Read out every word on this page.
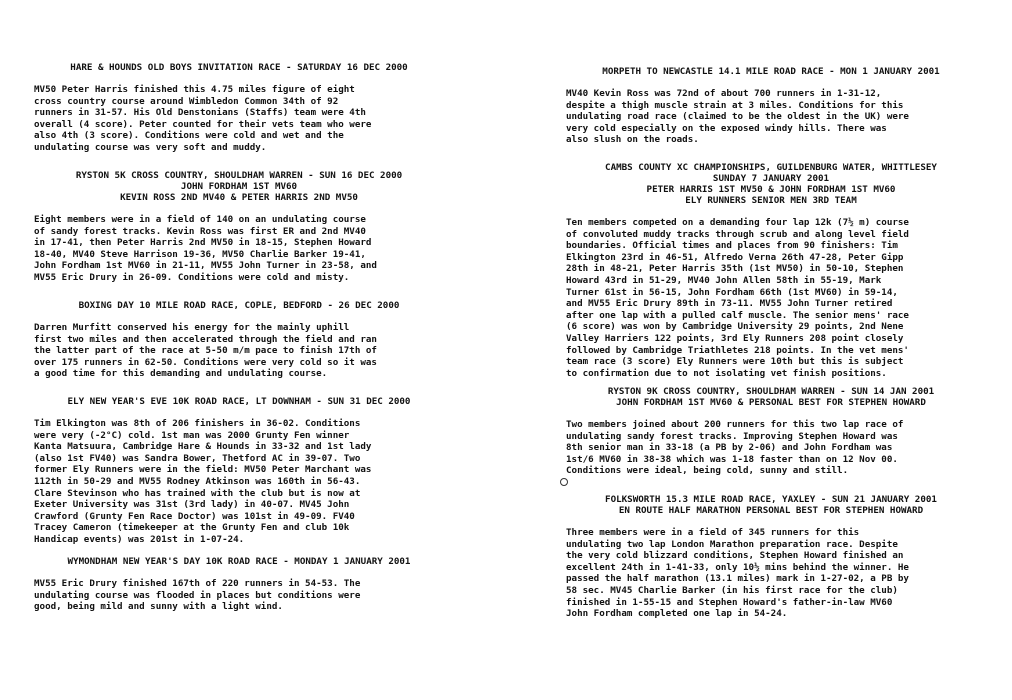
HARE & HOUNDS OLD BOYS INVITATION RACE - SATURDAY 16 DEC 2000

MV50 Peter Harris finished this 4.75 miles figure of eight
cross country course around Wimbledon Common 34th of 92
runners in 31-57. His Old Denstonians (Staffs) team were 4th
overall (4 score). Peter counted for their vets team who were
also 4th (3 score). Conditions were cold and wet and the
undulating course was very soft and muddy.

RYSTON 5K CROSS COUNTRY, SHOULDHAM WARREN - SUN 16 DEC 2000
JOHN FORDHAM 1ST MV60
KEVIN ROSS 2ND MV40 & PETER HARRIS 2ND MV50

Eight members were in a field of 140 on an undulating course
of sandy forest tracks. Kevin Ross was first ER and 2nd MV40
in 17-41, then Peter Harris 2nd MV50 in 18-15, Stephen Howard
18-40, MV40 Steve Harrison 19-36, MV50 Charlie Barker 19-41,
John Fordham 1st MV60 in 21-11, MV55 John Turner in 23-58, and
MV55 Eric Drury in 26-09. Conditions were cold and misty.

BOXING DAY 10 MILE ROAD RACE, COPLE, BEDFORD - 26 DEC 2000

Darren Murfitt conserved his energy for the mainly uphill
first two miles and then accelerated through the field and ran
the latter part of the race at 5-50 m/m pace to finish 17th of
over 175 runners in 62-50. Conditions were very cold so it was
a good time for this demanding and undulating course.

ELY NEW YEAR'S EVE 10K ROAD RACE, LT DOWNHAM - SUN 31 DEC 2000

Tim Elkington was 8th of 206 finishers in 36-02. Conditions
were very (-2°C) cold. 1st man was 2000 Grunty Fen winner
Kanta Matsuura, Cambridge Hare & Hounds in 33-32 and 1st lady
(also 1st FV40) was Sandra Bower, Thetford AC in 39-07. Two
former Ely Runners were in the field: MV50 Peter Marchant was
112th in 50-29 and MV55 Rodney Atkinson was 160th in 56-43.
Clare Stevinson who has trained with the club but is now at
Exeter University was 31st (3rd lady) in 40-07. MV45 John
Crawford (Grunty Fen Race Doctor) was 101st in 49-09. FV40
Tracey Cameron (timekeeper at the Grunty Fen and club 10k
Handicap events) was 201st in 1-07-24.

WYMONDHAM NEW YEAR'S DAY 10K ROAD RACE - MONDAY 1 JANUARY 2001

MV55 Eric Drury finished 167th of 220 runners in 54-53. The
undulating course was flooded in places but conditions were
good, being mild and sunny with a light wind.

MORPETH TO NEWCASTLE 14.1 MILE ROAD RACE - MON 1 JANUARY 2001

MV40 Kevin Ross was 72nd of about 700 runners in 1-31-12,
despite a thigh muscle strain at 3 miles. Conditions for this
undulating road race (claimed to be the oldest in the UK) were
very cold especially on the exposed windy hills. There was
also slush on the roads.

CAMBS COUNTY XC CHAMPIONSHIPS, GUILDENBURG WATER, WHITTLESEY
SUNDAY 7 JANUARY 2001
PETER HARRIS 1ST MV50 & JOHN FORDHAM 1ST MV60
ELY RUNNERS SENIOR MEN 3RD TEAM

Ten members competed on a demanding four lap 12k (7½ m) course
of convoluted muddy tracks through scrub and along level field
boundaries. Official times and places from 90 finishers: Tim
Elkington 23rd in 46-51, Alfredo Verna 26th 47-28, Peter Gipp
28th in 48-21, Peter Harris 35th (1st MV50) in 50-10, Stephen
Howard 43rd in 51-29, MV40 John Allen 58th in 55-19, Mark
Turner 61st in 56-15, John Fordham 66th (1st MV60) in 59-14,
and MV55 Eric Drury 89th in 73-11. MV55 John Turner retired
after one lap with a pulled calf muscle. The senior mens' race
(6 score) was won by Cambridge University 29 points, 2nd Nene
Valley Harriers 122 points, 3rd Ely Runners 208 point closely
followed by Cambridge Triathletes 218 points. In the vet mens'
team race (3 score) Ely Runners were 10th but this is subject
to confirmation due to not isolating vet finish positions.

RYSTON 9K CROSS COUNTRY, SHOULDHAM WARREN - SUN 14 JAN 2001
JOHN FORDHAM 1ST MV60 & PERSONAL BEST FOR STEPHEN HOWARD

Two members joined about 200 runners for this two lap race of
undulating sandy forest tracks. Improving Stephen Howard was
8th senior man in 33-18 (a PB by 2-06) and John Fordham was
1st/6 MV60 in 38-38 which was 1-18 faster than on 12 Nov 00.
Conditions were ideal, being cold, sunny and still.

FOLKSWORTH 15.3 MILE ROAD RACE, YAXLEY - SUN 21 JANUARY 2001
EN ROUTE HALF MARATHON PERSONAL BEST FOR STEPHEN HOWARD

Three members were in a field of 345 runners for this
undulating two lap London Marathon preparation race. Despite
the very cold blizzard conditions, Stephen Howard finished an
excellent 24th in 1-41-33, only 10½ mins behind the winner. He
passed the half marathon (13.1 miles) mark in 1-27-02, a PB by
58 sec. MV45 Charlie Barker (in his first race for the club)
finished in 1-55-15 and Stephen Howard's father-in-law MV60
John Fordham completed one lap in 54-24.
